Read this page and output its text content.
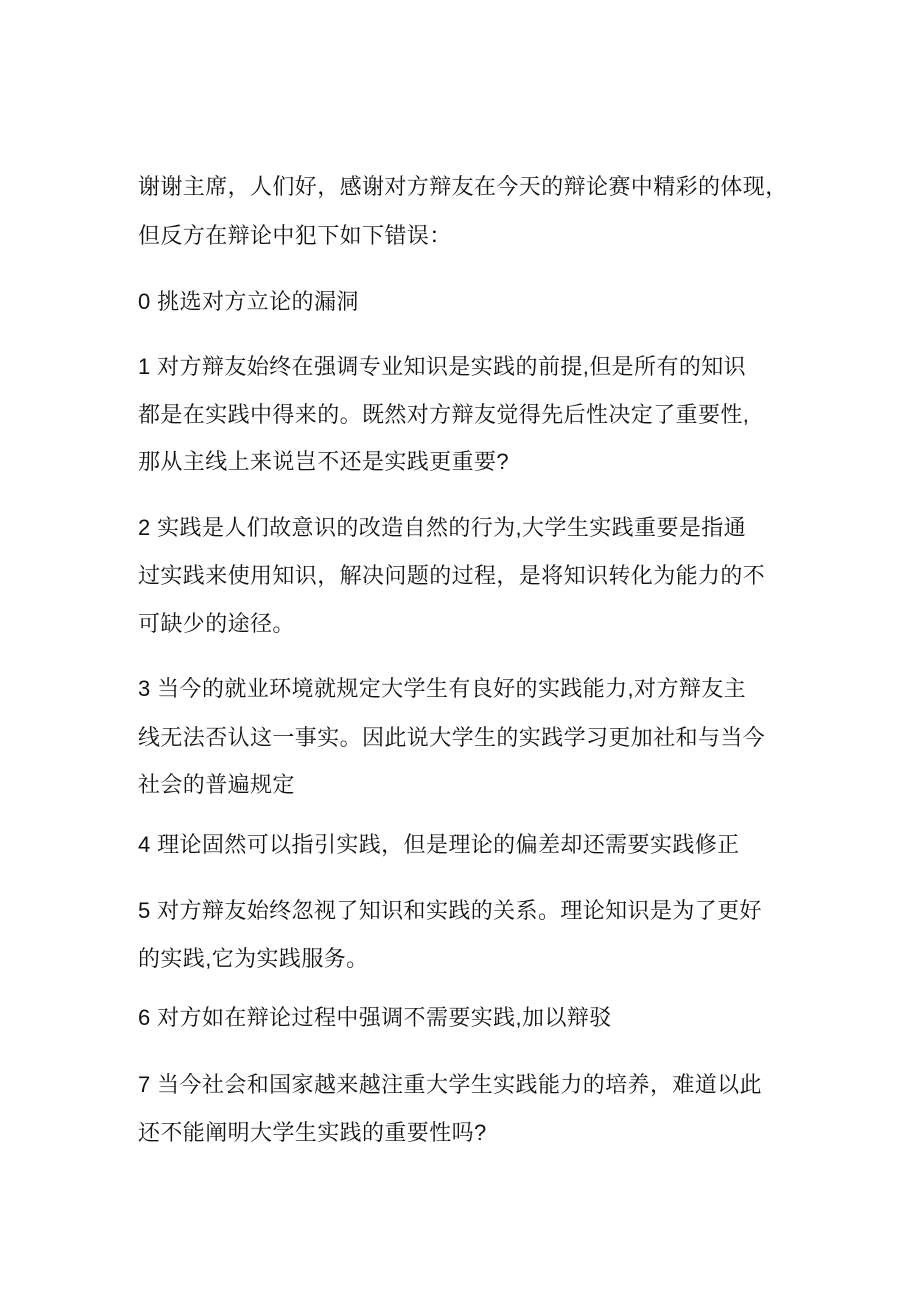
谢谢主席，人们好，感谢对方辩友在今天的辩论赛中精彩的体现，
但反方在辩论中犯下如下错误：
0 挑选对方立论的漏洞
1 对方辩友始终在强调专业知识是实践的前提,但是所有的知识
都是在实践中得来的。既然对方辩友觉得先后性决定了重要性,
那从主线上来说岂不还是实践更重要?
2 实践是人们故意识的改造自然的行为,大学生实践重要是指通
过实践来使用知识，解决问题的过程，是将知识转化为能力的不
可缺少的途径。
3 当今的就业环境就规定大学生有良好的实践能力,对方辩友主
线无法否认这一事实。因此说大学生的实践学习更加社和与当今
社会的普遍规定
4 理论固然可以指引实践，但是理论的偏差却还需要实践修正
5 对方辩友始终忽视了知识和实践的关系。理论知识是为了更好
的实践,它为实践服务。
6 对方如在辩论过程中强调不需要实践,加以辩驳
7 当今社会和国家越来越注重大学生实践能力的培养，难道以此
还不能阐明大学生实践的重要性吗?
